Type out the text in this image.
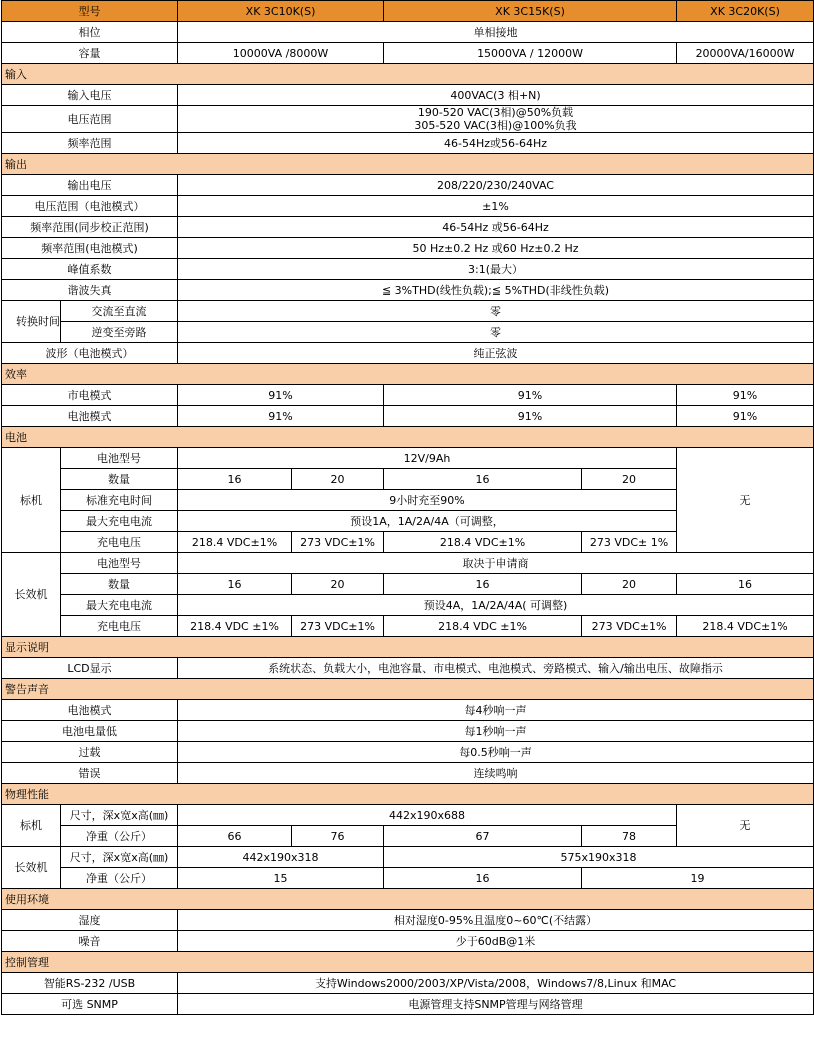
型号		XK 3C10K(S)		XK 3C15K(S)		XK 3C20K(S)
相位		单相接地				
容量		10000VA /8000W		15000VA / 12000W		20000VA/16000W
输入						
输入电压		400VAC(3 相+N)				
电压范围		190-520 VAC(3相)@50%负载
305-520 VAC(3相)@100%负我				

频率范围		46-54Hz或56-64Hz				
输出						
输出电压		208/220/230/240VAC				
电压范围（电池模式）		±1%				
频率范围(同步校正范围)		46-54Hz 或56-64Hz				
频率范围(电池模式)		50 Hz±0.2 Hz 或60 Hz±0.2 Hz				
峰值系数		3:1(最大）				
谐波失真		≦ 3%THD(线性负载);≦ 5%THD(非线性负载)				
转换时间	交流至直流	零				
	逆变至旁路	零				
波形（电池模式）		纯正弦波				
效率						
市电模式		91%		91%		91%
电池模式		91%		91%		91%
电池						
标机	电池型号	12V/9Ah				无
	数量	16	20	16	20	
	标准充电时间	9小时充至90%				
	最大充电电流	预设1A，1A/2A/4A（可调整，				
	充电电压	218.4 VDC±1%	273 VDC±1%	218.4 VDC±1%	273 VDC± 1%	
长效机	电池型号	取决于申请商				
	数量	16	20	16	20	16
	最大充电电流	预设4A，1A/2A/4A( 可调整)				
	充电电压	218.4 VDC ±1%	273 VDC±1%	218.4 VDC ±1%	273 VDC±1%	218.4 VDC±1%
显示说明						
LCD显示		系统状态、负载大小，电池容量、市电模式、电池模式、旁路模式、输入/输出电压、故障指示				
警告声音						
电池模式		每4秒响一声				
电池电量低		每1秒响一声				
过载		每0.5秒响一声				
错误		连续鸣响				
物理性能						
标机	尺寸，深x宽x高(㎜)	442x190x688				无
	净重（公斤）	66	76	67	78	
长效机	尺寸，深x宽x高(㎜)	442x190x318		575x190x318		
	净重（公斤）	15		16	19	
使用环境						
湿度		相对湿度0-95%且温度0~60℃(不结露）				
噪音		少于60dB@1米				
控制管理						
智能RS-232 /USB		支持Windows2000/2003/XP/Vista/2008，Windows7/8,Linux 和MAC				
可选 SNMP		电源管理支持SNMP管理与网络管理				
